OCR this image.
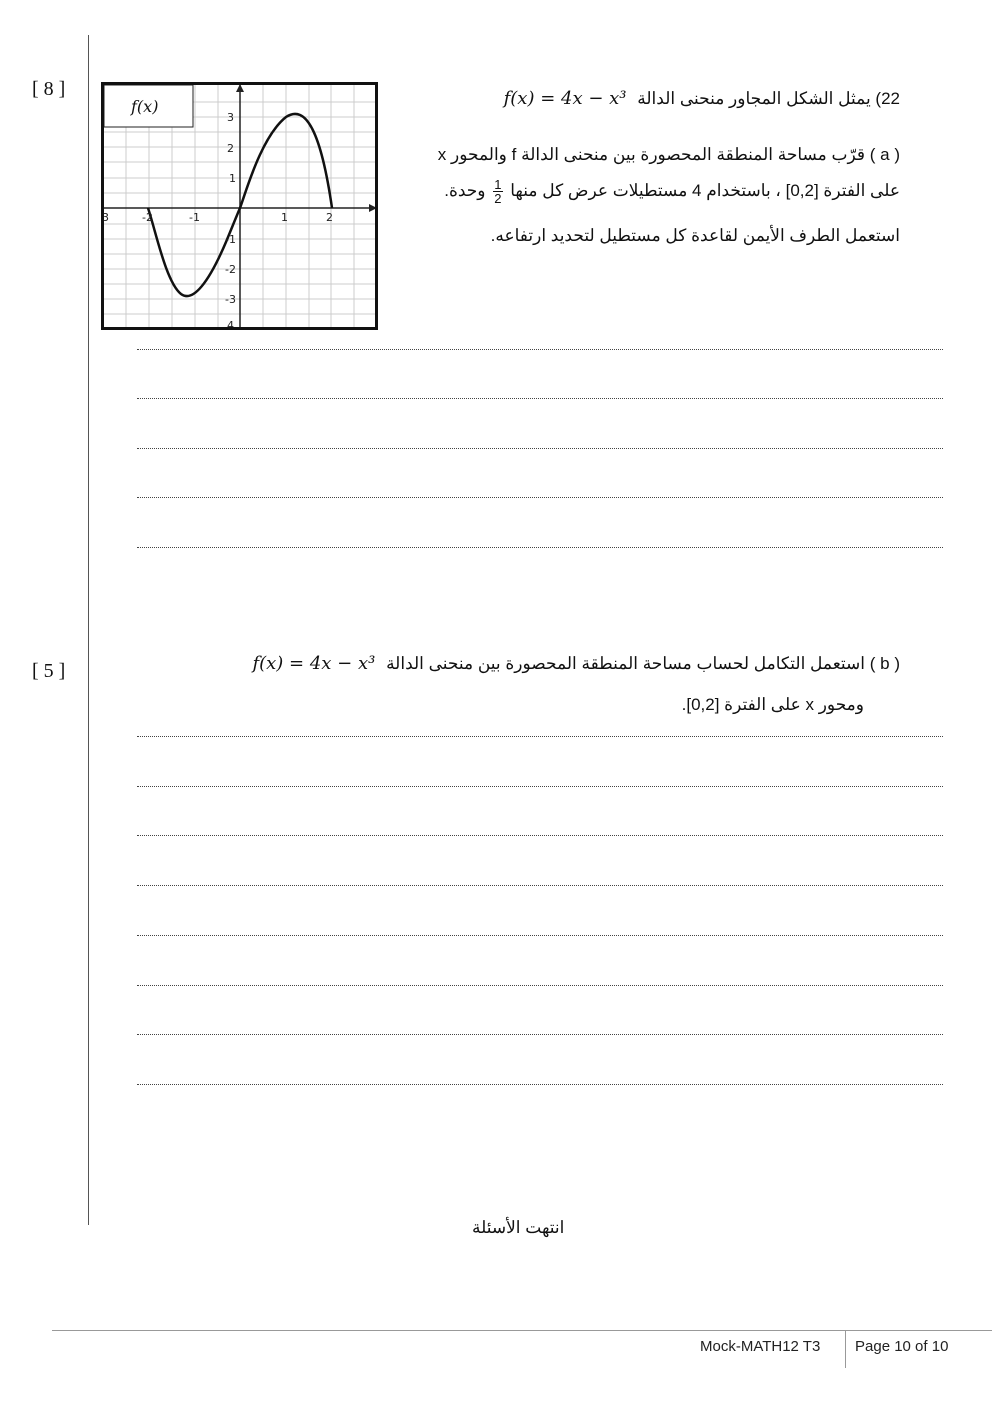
[ 8 ]
3	-2	-1	1	2
3
2
1
-1
-2
-3
4
f(x)	22) يمثل الشكل المجاور منحنى الدالة f(x) = 4x − x³
( a ) قرّب مساحة المنطقة المحصورة بين منحنى الدالة f والمحور x
على الفترة [0,2] ، باستخدام 4 مستطيلات عرض كل منها
$\frac{1}{2}$
وحدة.
استعمل الطرف الأيمن لقاعدة كل مستطيل لتحديد ارتفاعه.
[ 5 ]	( b ) استعمل التكامل لحساب مساحة المنطقة المحصورة بين منحنى الدالة f(x) = 4x − x³
ومحور x على الفترة [0,2].
انتهت الأسئلة
Mock-MATH12 T3 Page 10 of 10
